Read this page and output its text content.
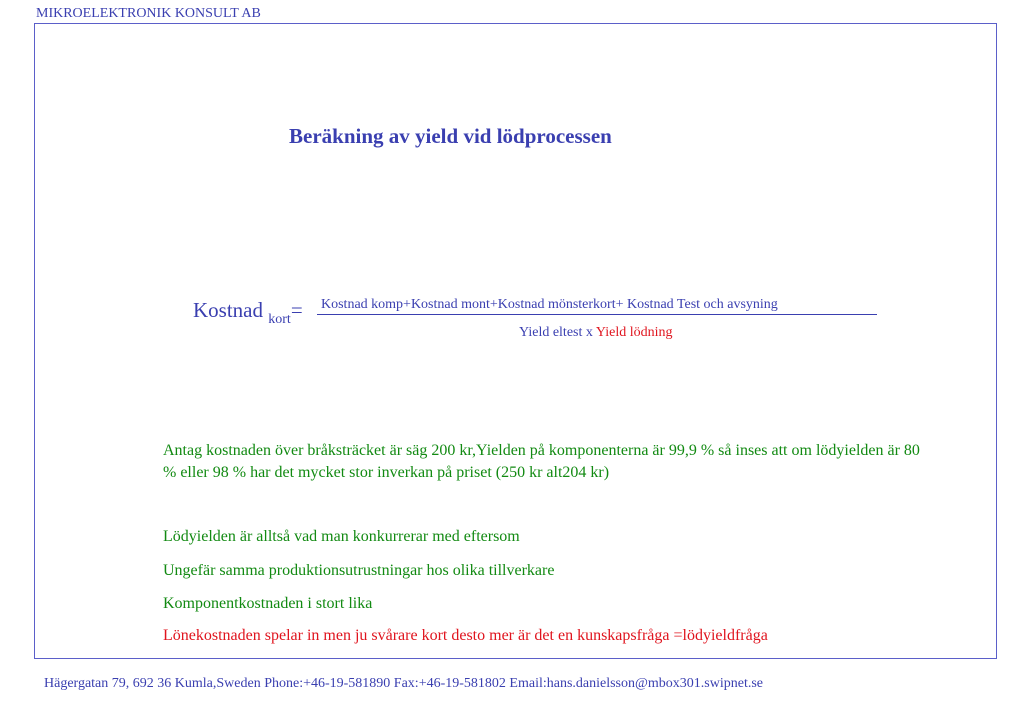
MIKROELEKTRONIK KONSULT AB
Beräkning av yield vid lödprocessen
Kostnad $_{kort}$= Kostnad komp+Kostnad mont+Kostnad mönsterkort+ Kostnad Test och avsyning
Yield eltest x Yield lödning
Antag kostnaden över bråksträcket är säg 200 kr,Yielden på komponenterna är 99,9 % så inses att om lödyielden är 80 % eller 98 % har det mycket stor inverkan på priset (250 kr alt204 kr)
Lödyielden är alltså vad man konkurrerar med eftersom
Ungefär samma produktionsutrustningar hos olika tillverkare
Komponentkostnaden i stort lika
Lönekostnaden spelar in men ju svårare kort desto mer är det en kunskapsfråga =lödyieldfråga
Hägergatan 79, 692 36 Kumla,Sweden Phone:+46-19-581890 Fax:+46-19-581802 Email:hans.danielsson@mbox301.swipnet.se
